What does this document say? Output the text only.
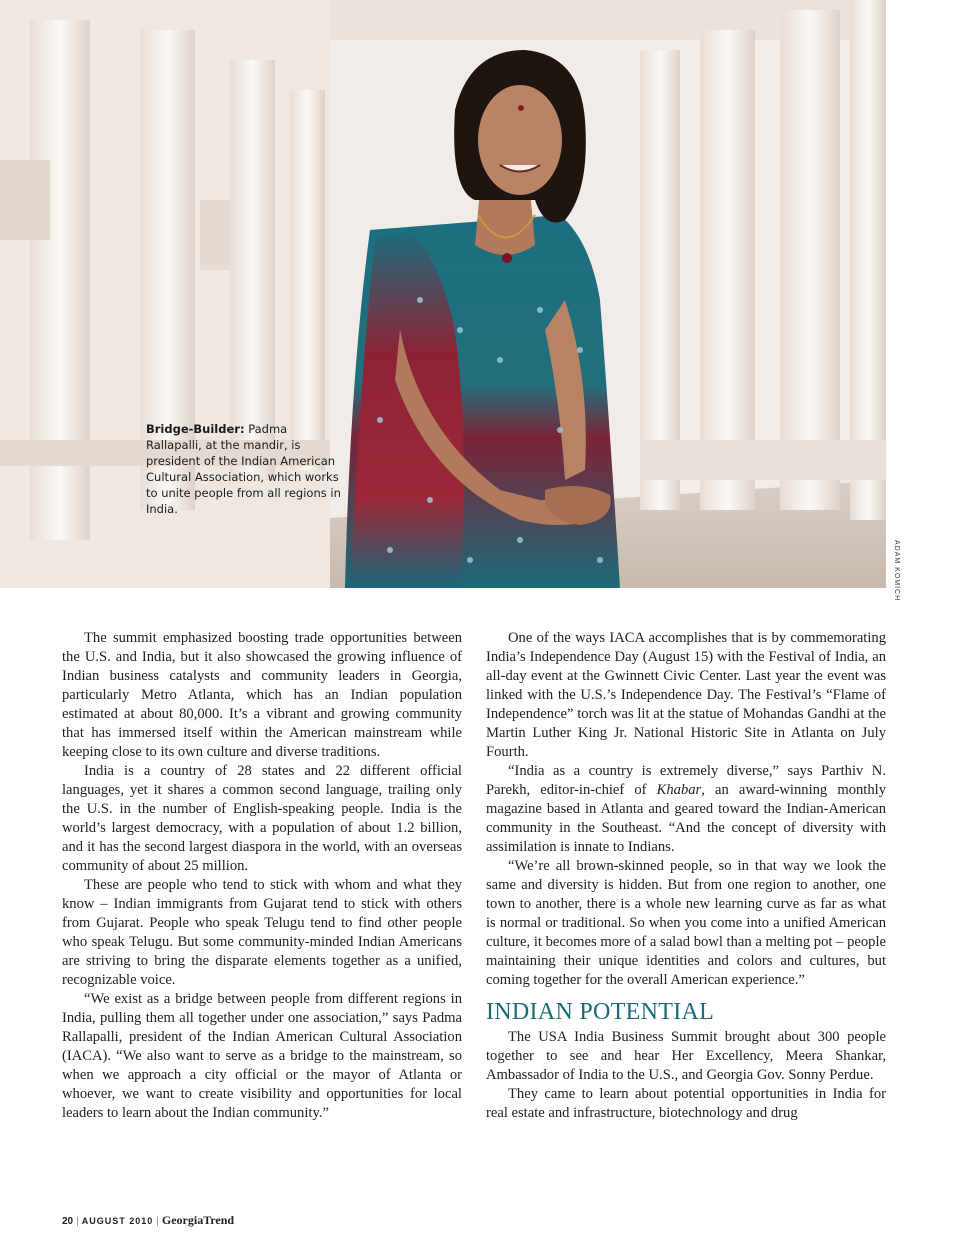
ADAM KOMICH
Bridge-Builder: Padma Rallapalli, at the mandir, is president of the Indian American Cultural Association, which works to unite people from all regions in India.

The summit emphasized boosting trade opportunities between the U.S. and India, but it also showcased the growing influence of Indian business catalysts and community leaders in Georgia, particularly Metro Atlanta, which has an Indian population estimated at about 80,000. It’s a vibrant and growing community that has immersed itself within the American mainstream while keeping close to its own culture and diverse traditions.

India is a country of 28 states and 22 different official languages, yet it shares a common second language, trailing only the U.S. in the number of English-speaking people. India is the world’s largest democracy, with a population of about 1.2 billion, and it has the second largest diaspora in the world, with an overseas community of about 25 million.

These are people who tend to stick with whom and what they know – Indian immigrants from Gujarat tend to stick with others from Gujarat. People who speak Telugu tend to find other people who speak Telugu. But some community-minded Indian Americans are striving to bring the disparate elements together as a unified, recognizable voice.

“We exist as a bridge between people from different regions in India, pulling them all together under one association,” says Padma Rallapalli, president of the Indian American Cultural Association (IACA). “We also want to serve as a bridge to the mainstream, so when we approach a city official or the mayor of Atlanta or whoever, we want to create visibility and opportunities for local leaders to learn about the Indian community.”

One of the ways IACA accomplishes that is by commemorating India’s Independence Day (August 15) with the Festival of India, an all-day event at the Gwinnett Civic Center. Last year the event was linked with the U.S.’s Independence Day. The Festival’s “Flame of Independence” torch was lit at the statue of Mohandas Gandhi at the Martin Luther King Jr. National Historic Site in Atlanta on July Fourth.

“India as a country is extremely diverse,” says Parthiv N. Parekh, editor-in-chief of Khabar, an award-winning monthly magazine based in Atlanta and geared toward the Indian-American community in the Southeast. “And the concept of diversity with assimilation is innate to Indians.

“We’re all brown-skinned people, so in that way we look the same and diversity is hidden. But from one region to another, one town to another, there is a whole new learning curve as far as what is normal or traditional. So when you come into a unified American culture, it becomes more of a salad bowl than a melting pot – people maintaining their unique identities and colors and cultures, but coming together for the overall American experience.”

INDIAN POTENTIAL

The USA India Business Summit brought about 300 people together to see and hear Her Excellency, Meera Shankar, Ambassador of India to the U.S., and Georgia Gov. Sonny Perdue.

They came to learn about potential opportunities in India for real estate and infrastructure, biotechnology and drug

20 | AUGUST 2010 | GeorgiaTrend
